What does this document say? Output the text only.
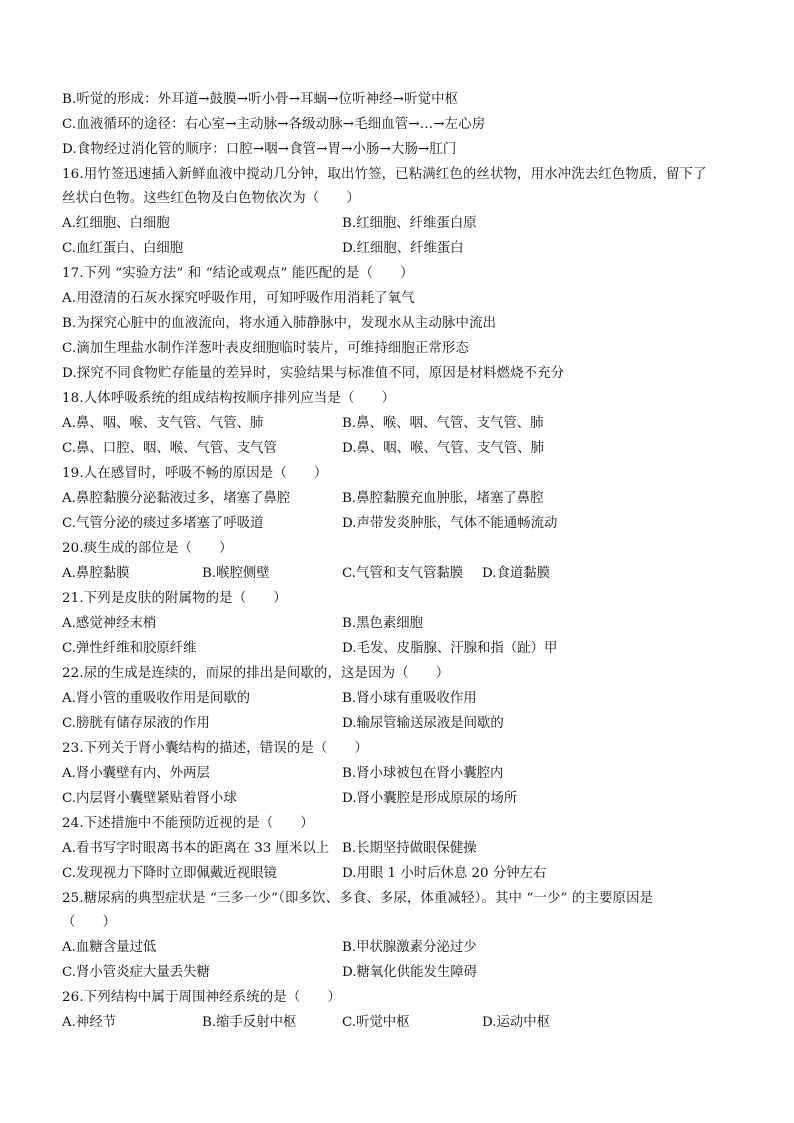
B.听觉的形成：外耳道→鼓膜→听小骨→耳蜗→位听神经→听觉中枢
C.血液循环的途径：右心室→主动脉→各级动脉→毛细血管→…→左心房
D.食物经过消化管的顺序：口腔→咽→食管→胃→小肠→大肠→肛门
16.用竹签迅速插入新鲜血液中搅动几分钟，取出竹签，已粘满红色的丝状物，用水冲洗去红色物质，留下了
丝状白色物。这些红色物及白色物依次为（　　）
A.红细胞、白细胞	B.红细胞、纤维蛋白原
C.血红蛋白、白细胞	D.红细胞、纤维蛋白
17.下列 “实验方法” 和 “结论或观点” 能匹配的是（　　）
A.用澄清的石灰水探究呼吸作用，可知呼吸作用消耗了氧气
B.为探究心脏中的血液流向，将水通入肺静脉中，发现水从主动脉中流出
C.滴加生理盐水制作洋葱叶表皮细胞临时装片，可维持细胞正常形态
D.探究不同食物贮存能量的差异时，实验结果与标准值不同，原因是材料燃烧不充分
18.人体呼吸系统的组成结构按顺序排列应当是（　　）
A.鼻、咽、喉、支气管、气管、肺	B.鼻、喉、咽、气管、支气管、肺
C.鼻、口腔、咽、喉、气管、支气管	D.鼻、咽、喉、气管、支气管、肺
19.人在感冒时，呼吸不畅的原因是（　　）
A.鼻腔黏膜分泌黏液过多，堵塞了鼻腔	B.鼻腔黏膜充血肿胀，堵塞了鼻腔
C.气管分泌的痰过多堵塞了呼吸道	D.声带发炎肿胀，气体不能通畅流动
20.痰生成的部位是（　　）
A.鼻腔黏膜	B.喉腔侧壁	C.气管和支气管黏膜 D.食道黏膜
21.下列是皮肤的附属物的是（　　）
A.感觉神经末梢	B.黑色素细胞
C.弹性纤维和胶原纤维	D.毛发、皮脂腺、汗腺和指（趾）甲
22.尿的生成是连续的，而尿的排出是间歇的，这是因为（　　）
A.肾小管的重吸收作用是间歇的	B.肾小球有重吸收作用
C.膀胱有储存尿液的作用	D.输尿管输送尿液是间歇的
23.下列关于肾小囊结构的描述，错误的是（　　）
A.肾小囊壁有内、外两层	B.肾小球被包在肾小囊腔内
C.内层肾小囊壁紧贴着肾小球	D.肾小囊腔是形成原尿的场所
24.下述措施中不能预防近视的是（　　）
A.看书写字时眼离书本的距离在 33 厘米以上 B.长期坚持做眼保健操
C.发现视力下降时立即佩戴近视眼镜	D.用眼 1 小时后休息 20 分钟左右
25.糖尿病的典型症状是 “三多一少”（即多饮、多食、多尿，体重减轻）。其中 “一少” 的主要原因是
（　　）
A.血糖含量过低	B.甲状腺激素分泌过少
C.肾小管炎症大量丢失糖	D.糖氧化供能发生障碍
26.下列结构中属于周围神经系统的是（　　）
A.神经节	B.缩手反射中枢	C.听觉中枢	D.运动中枢
